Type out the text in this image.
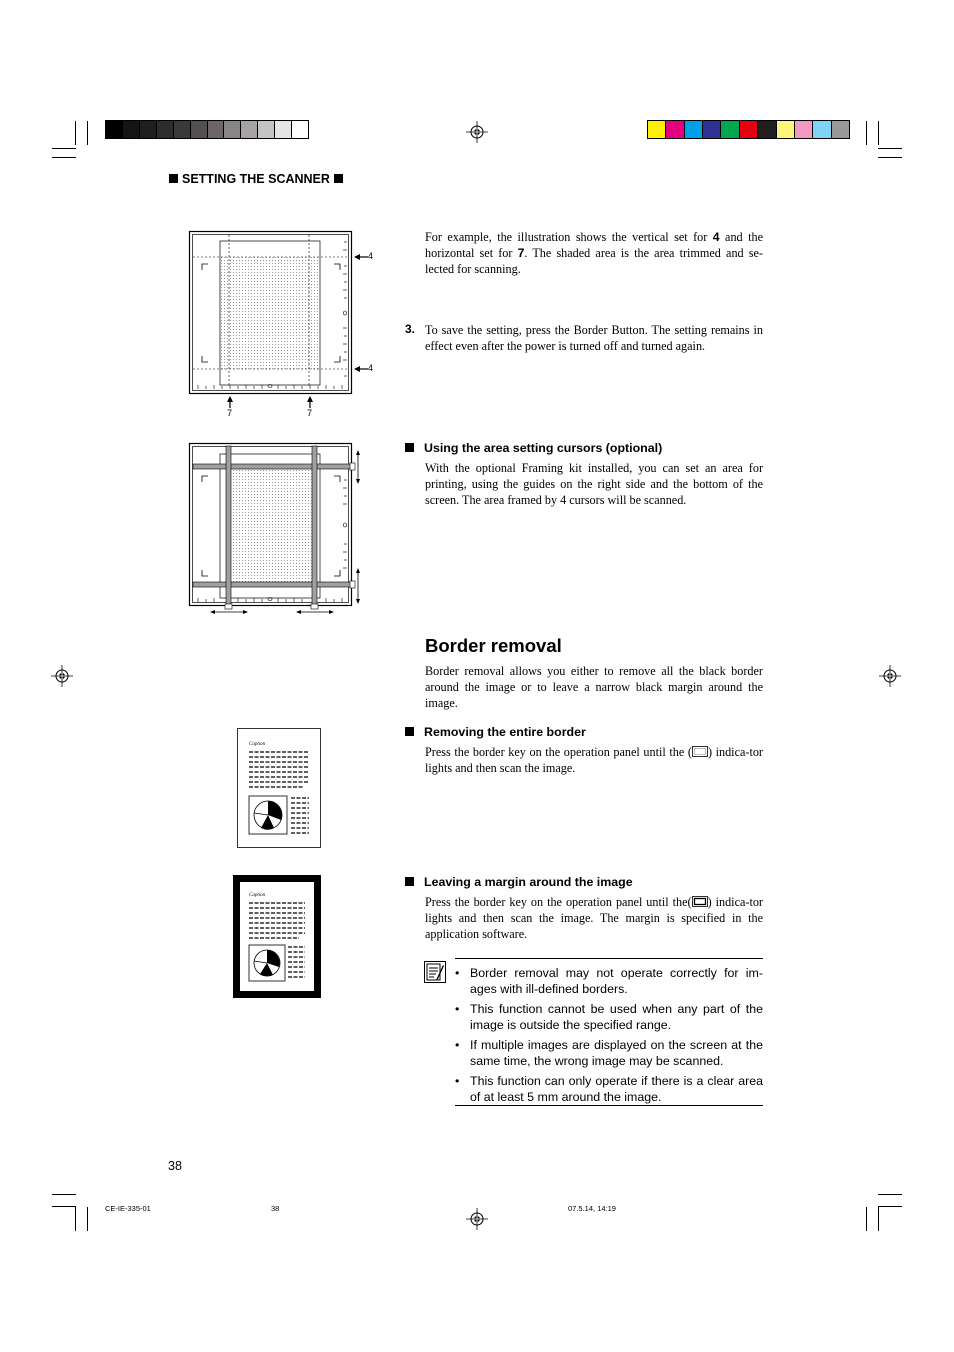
SETTING THE SCANNER
4
4
7	7
For example, the illustration shows the vertical set for 4 and the horizontal set for 7. The shaded area is the area trimmed and se-lected for scanning.
3. To save the setting, press the Border Button. The setting remains in effect even after the power is turned off and turned again.
Using the area setting cursors (optional)
With the optional Framing kit installed, you can set an area for printing, using the guides on the right side and the bottom of the screen. The area framed by 4 cursors will be scanned.
Border removal
Border removal allows you either to remove all the black border around the image or to leave a narrow black margin around the image.
Caption
Removing the entire border
Press the border key on the operation panel until the ( ) indica-tor lights and then scan the image.
Caption
Leaving a margin around the image
Press the border key on the operation panel until the( ) indica-tor lights and then scan the image. The margin is specified in the application software.
• Border removal may not operate correctly for im-ages with ill-defined borders.
• This function cannot be used when any part of the image is outside the specified range.
• If multiple images are displayed on the screen at the same time, the wrong image may be scanned.
• This function can only operate if there is a clear area of at least 5 mm around the image.
38
CE-IE-335-01	38	07.5.14, 14:19
